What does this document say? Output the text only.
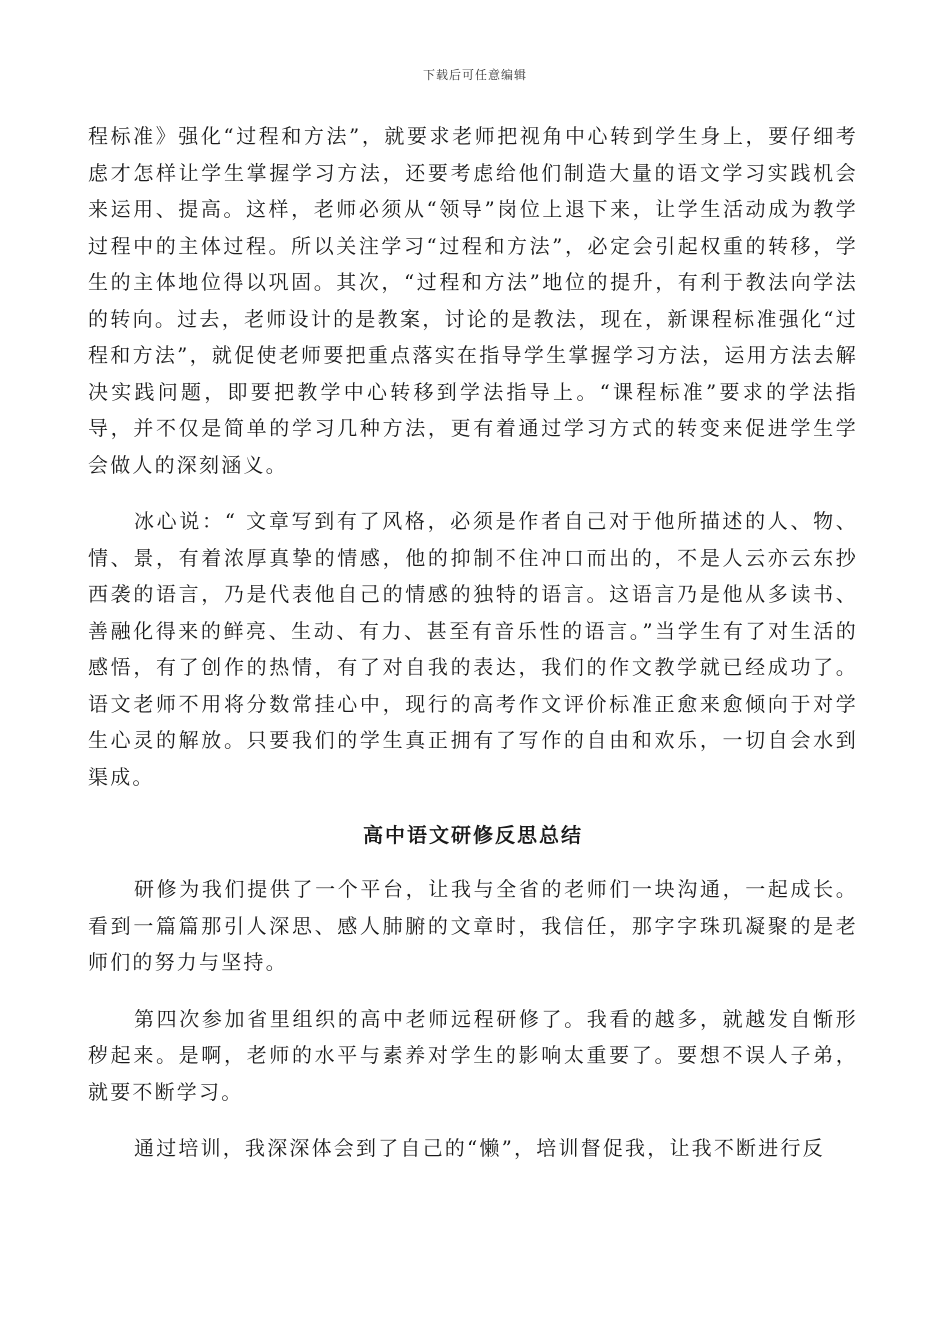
下载后可任意编辑

程标准》强化“过程和方法”，就要求老师把视角中心转到学生身上，要仔细考虑才怎样让学生掌握学习方法，还要考虑给他们制造大量的语文学习实践机会来运用、提高。这样，老师必须从“领导”岗位上退下来，让学生活动成为教学过程中的主体过程。所以关注学习“过程和方法”，必定会引起权重的转移，学生的主体地位得以巩固。其次，“过程和方法”地位的提升，有利于教法向学法的转向。过去，老师设计的是教案，讨论的是教法，现在，新课程标准强化“过程和方法”，就促使老师要把重点落实在指导学生掌握学习方法，运用方法去解决实践问题，即要把教学中心转移到学法指导上。“课程标准”要求的学法指导，并不仅是简单的学习几种方法，更有着通过学习方式的转变来促进学生学会做人的深刻涵义。

冰心说：“ 文章写到有了风格，必须是作者自己对于他所描述的人、物、情、景，有着浓厚真挚的情感，他的抑制不住冲口而出的，不是人云亦云东抄西袭的语言，乃是代表他自己的情感的独特的语言。这语言乃是他从多读书、善融化得来的鲜亮、生动、有力、甚至有音乐性的语言。”当学生有了对生活的感悟，有了创作的热情，有了对自我的表达，我们的作文教学就已经成功了。语文老师不用将分数常挂心中，现行的高考作文评价标准正愈来愈倾向于对学生心灵的解放。只要我们的学生真正拥有了写作的自由和欢乐，一切自会水到渠成。

高中语文研修反思总结

研修为我们提供了一个平台，让我与全省的老师们一块沟通，一起成长。看到一篇篇那引人深思、感人肺腑的文章时，我信任，那字字珠玑凝聚的是老师们的努力与坚持。

第四次参加省里组织的高中老师远程研修了。我看的越多，就越发自惭形秽起来。是啊，老师的水平与素养对学生的影响太重要了。要想不误人子弟，就要不断学习。

通过培训，我深深体会到了自己的“懒”，培训督促我，让我不断进行反
